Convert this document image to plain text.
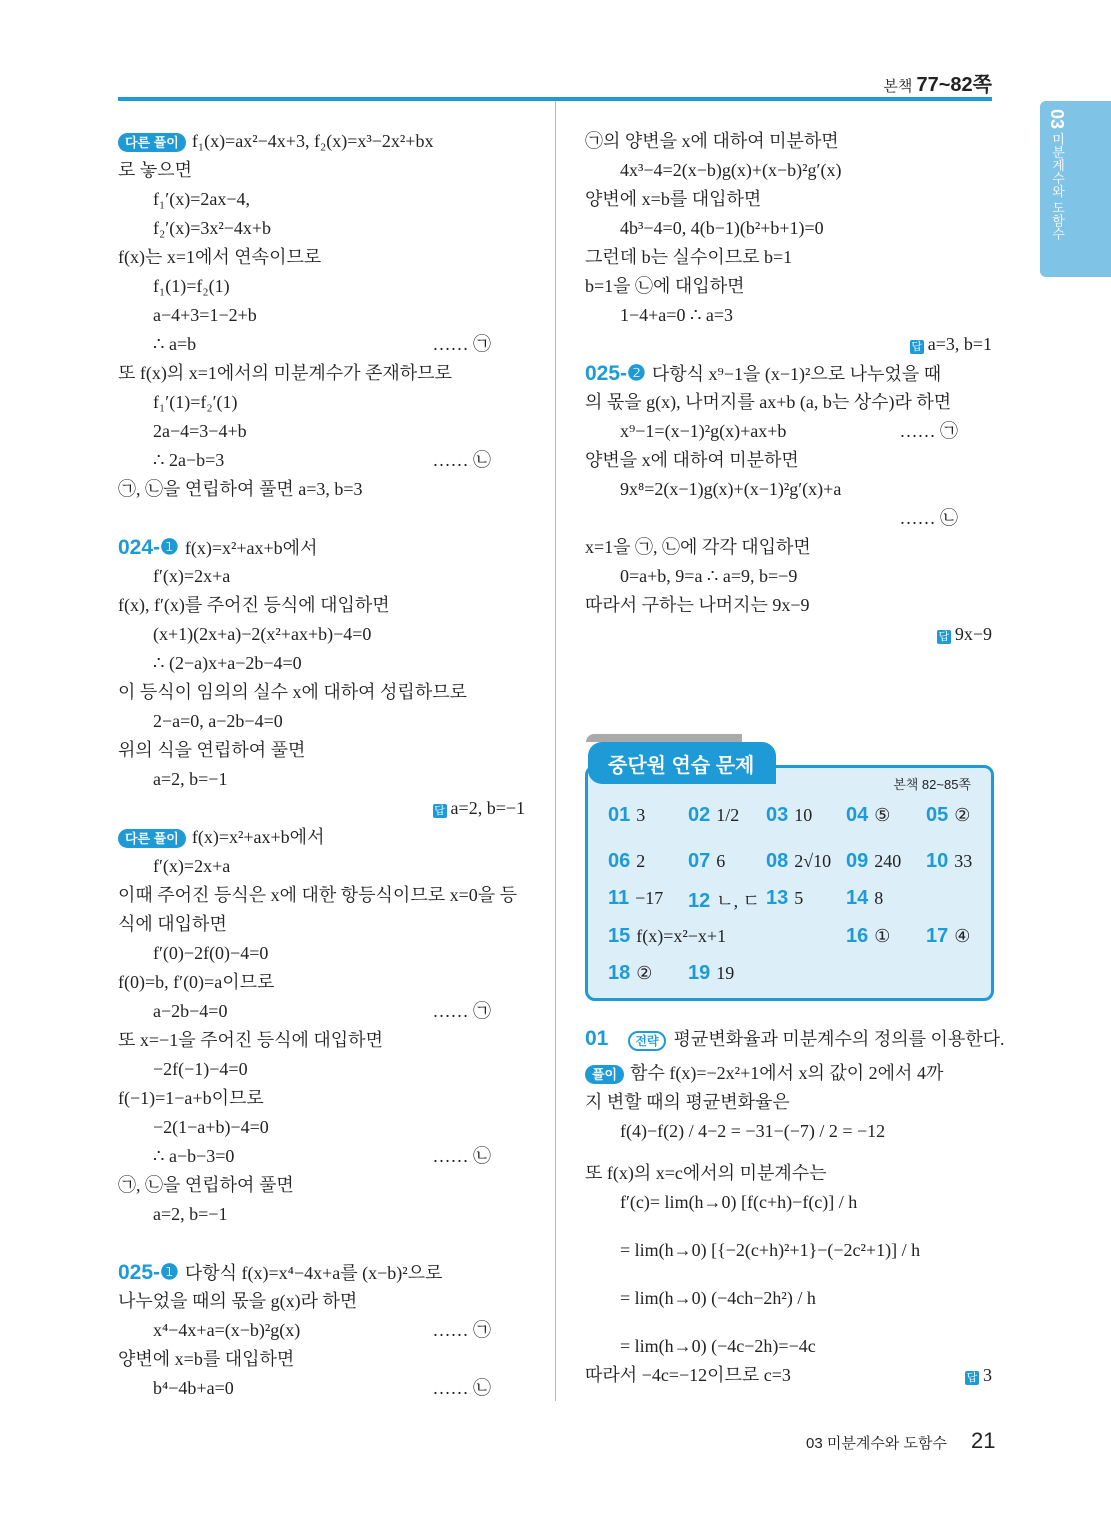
본책 77~82쪽
03 미분계수와 도함수
다른 풀이 f₁(x)=ax²−4x+3, f₂(x)=x³−2x²+bx
로 놓으면
f₁′(x)=2ax−4,
f₂′(x)=3x²−4x+b
f(x)는 x=1에서 연속이므로
f₁(1)=f₂(1)
a−4+3=1−2+b
∴ a=b	…… ㉠
또 f(x)의 x=1에서의 미분계수가 존재하므로
f₁′(1)=f₂′(1)
2a−4=3−4+b
∴ 2a−b=3	…… ㉡
㉠, ㉡을 연립하여 풀면 a=3, b=3
024-❶ f(x)=x²+ax+b에서
f′(x)=2x+a
f(x), f′(x)를 주어진 등식에 대입하면
(x+1)(2x+a)−2(x²+ax+b)−4=0
∴ (2−a)x+a−2b−4=0
이 등식이 임의의 실수 x에 대하여 성립하므로
2−a=0, a−2b−4=0
위의 식을 연립하여 풀면
a=2, b=−1
답 a=2, b=−1
다른 풀이 f(x)=x²+ax+b에서
f′(x)=2x+a
이때 주어진 등식은 x에 대한 항등식이므로 x=0을 등
식에 대입하면
f′(0)−2f(0)−4=0
f(0)=b, f′(0)=a이므로
a−2b−4=0	…… ㉠
또 x=−1을 주어진 등식에 대입하면
−2f(−1)−4=0
f(−1)=1−a+b이므로
−2(1−a+b)−4=0
∴ a−b−3=0	…… ㉡
㉠, ㉡을 연립하여 풀면
a=2, b=−1
025-❶ 다항식 f(x)=x⁴−4x+a를 (x−b)²으로
나누었을 때의 몫을 g(x)라 하면
x⁴−4x+a=(x−b)²g(x)	…… ㉠
양변에 x=b를 대입하면
b⁴−4b+a=0	…… ㉡
㉠의 양변을 x에 대하여 미분하면
4x³−4=2(x−b)g(x)+(x−b)²g′(x)
양변에 x=b를 대입하면
4b³−4=0, 4(b−1)(b²+b+1)=0
그런데 b는 실수이므로 b=1
b=1을 ㉡에 대입하면
1−4+a=0 ∴ a=3
답 a=3, b=1
025-❷ 다항식 x⁹−1을 (x−1)²으로 나누었을 때
의 몫을 g(x), 나머지를 ax+b (a, b는 상수)라 하면
x⁹−1=(x−1)²g(x)+ax+b	…… ㉠
양변을 x에 대하여 미분하면
9x⁸=2(x−1)g(x)+(x−1)²g′(x)+a
…… ㉡
x=1을 ㉠, ㉡에 각각 대입하면
0=a+b, 9=a ∴ a=9, b=−9
따라서 구하는 나머지는 9x−9
답 9x−9
본책 82~85쪽
01 3 02 1/2 03 10 04 ⑤ 05 ②
06 2 07 6 08 2√10 09 240 10 33
11 −17 12 ㄴ, ㄷ 13 5 14 8
15 f(x)=x²−x+1	16 ① 17 ④
18 ② 19 19
중단원 연습 문제
01 전략 평균변화율과 미분계수의 정의를 이용한다.
풀이 함수 f(x)=−2x²+1에서 x의 값이 2에서 4까
지 변할 때의 평균변화율은
f(4)−f(2) / 4−2 = −31−(−7) / 2 = −12
또 f(x)의 x=c에서의 미분계수는
f′(c)= lim(h→0) [f(c+h)−f(c)] / h
= lim(h→0) [{−2(c+h)²+1}−(−2c²+1)] / h
= lim(h→0) (−4ch−2h²) / h
= lim(h→0) (−4c−2h)=−4c
따라서 −4c=−12이므로 c=3	답 3
03 미분계수와 도함수 21
